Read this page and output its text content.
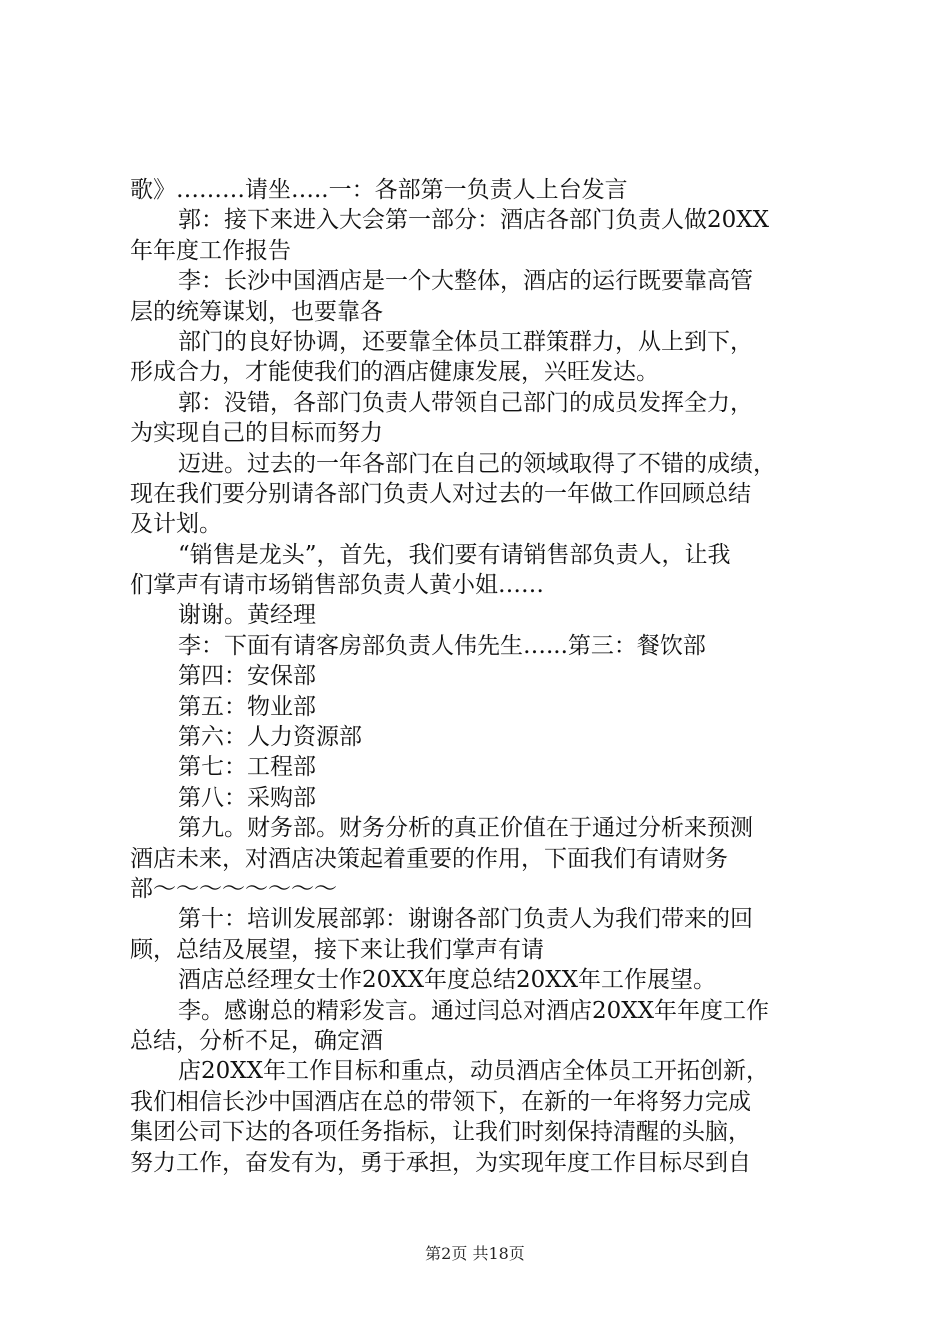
歌》………请坐…..一：各部第一负责人上台发言
郭：接下来进入大会第一部分：酒店各部门负责人做20XX
年年度工作报告
李：长沙中国酒店是一个大整体，酒店的运行既要靠高管
层的统筹谋划，也要靠各
部门的良好协调，还要靠全体员工群策群力，从上到下，
形成合力，才能使我们的酒店健康发展，兴旺发达。
郭：没错，各部门负责人带领自己部门的成员发挥全力，
为实现自己的目标而努力
迈进。过去的一年各部门在自己的领域取得了不错的成绩，
现在我们要分别请各部门负责人对过去的一年做工作回顾总结
及计划。
“销售是龙头”，首先，我们要有请销售部负责人，让我
们掌声有请市场销售部负责人黄小姐……
谢谢。黄经理
李：下面有请客房部负责人伟先生…...第三：餐饮部
第四：安保部
第五：物业部
第六：人力资源部
第七：工程部
第八：采购部
第九。财务部。财务分析的真正价值在于通过分析来预测
酒店未来，对酒店决策起着重要的作用，下面我们有请财务
部～～～～～～～～
第十：培训发展部郭：谢谢各部门负责人为我们带来的回
顾，总结及展望，接下来让我们掌声有请
酒店总经理女士作20XX年度总结20XX年工作展望。
李。感谢总的精彩发言。通过闫总对酒店20XX年年度工作
总结，分析不足，确定酒
店20XX年工作目标和重点，动员酒店全体员工开拓创新，
我们相信长沙中国酒店在总的带领下，在新的一年将努力完成
集团公司下达的各项任务指标，让我们时刻保持清醒的头脑，
努力工作，奋发有为，勇于承担，为实现年度工作目标尽到自
第2页 共18页
